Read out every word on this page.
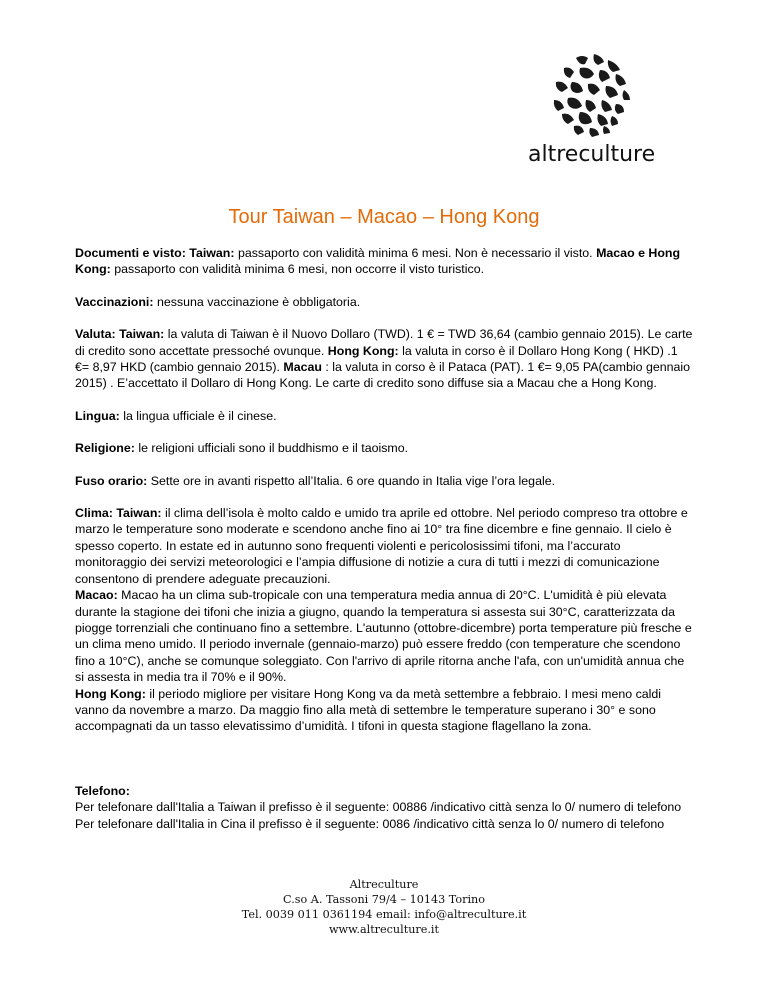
altreculture
Tour Taiwan – Macao – Hong Kong

Documenti e visto: Taiwan: passaporto con validità minima 6 mesi. Non è necessario il visto. Macao e Hong Kong: passaporto con validità minima 6 mesi, non occorre il visto turistico.

Vaccinazioni: nessuna vaccinazione è obbligatoria.

Valuta: Taiwan: la valuta di Taiwan è il Nuovo Dollaro (TWD). 1 € = TWD 36,64 (cambio gennaio 2015). Le carte di credito sono accettate pressoché ovunque. Hong Kong: la valuta in corso è il Dollaro Hong Kong ( HKD) .1 €= 8,97 HKD (cambio gennaio 2015). Macau : la valuta in corso è il Pataca (PAT). 1 €= 9,05 PA(cambio gennaio 2015) . E’accettato il Dollaro di Hong Kong. Le carte di credito sono diffuse sia a Macau che a Hong Kong.

Lingua: la lingua ufficiale è il cinese.

Religione: le religioni ufficiali sono il buddhismo e il taoismo.

Fuso orario: Sette ore in avanti rispetto all’Italia. 6 ore quando in Italia vige l’ora legale.

Clima: Taiwan: il clima dell’isola è molto caldo e umido tra aprile ed ottobre. Nel periodo compreso tra ottobre e marzo le temperature sono moderate e scendono anche fino ai 10° tra fine dicembre e fine gennaio. Il cielo è spesso coperto. In estate ed in autunno sono frequenti violenti e pericolosissimi tifoni, ma l’accurato monitoraggio dei servizi meteorologici e l’ampia diffusione di notizie a cura di tutti i mezzi di comunicazione consentono di prendere adeguate precauzioni.

Macao: Macao ha un clima sub-tropicale con una temperatura media annua di 20°C. L'umidità è più elevata durante la stagione dei tifoni che inizia a giugno, quando la temperatura si assesta sui 30°C, caratterizzata da piogge torrenziali che continuano fino a settembre. L'autunno (ottobre-dicembre) porta temperature più fresche e un clima meno umido. Il periodo invernale (gennaio-marzo) può essere freddo (con temperature che scendono fino a 10°C), anche se comunque soleggiato. Con l'arrivo di aprile ritorna anche l'afa, con un'umidità annua che si assesta in media tra il 70% e il 90%.

Hong Kong: il periodo migliore per visitare Hong Kong va da metà settembre a febbraio. I mesi meno caldi vanno da novembre a marzo. Da maggio fino alla metà di settembre le temperature superano i 30° e sono accompagnati da un tasso elevatissimo d’umidità. I tifoni in questa stagione flagellano la zona.

Telefono:

Per telefonare dall'Italia a Taiwan il prefisso è il seguente: 00886 /indicativo città senza lo 0/ numero di telefono

Per telefonare dall'Italia in Cina il prefisso è il seguente: 0086 /indicativo città senza lo 0/ numero di telefono

Altreculture
C.so A. Tassoni 79/4 – 10143 Torino
Tel. 0039 011 0361194 email: info@altreculture.it
www.altreculture.it
